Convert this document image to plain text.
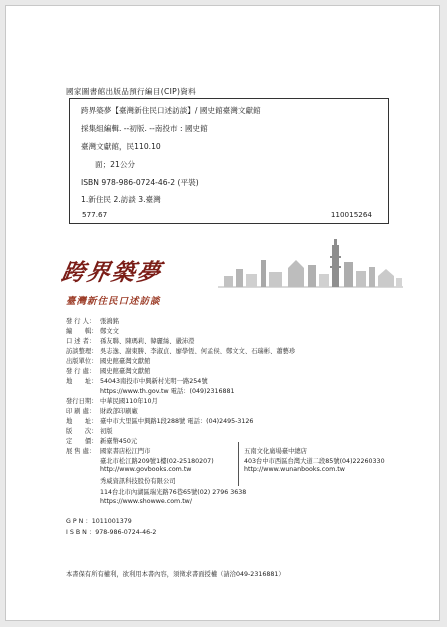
國家圖書館出版品預行編目(CIP)資料
跨界築夢【臺灣新住民口述訪談】/ 國史館臺灣文獻館
採集組編輯. --初版. --南投市 : 國史館
臺灣文獻館，民110.10
面；21公分
ISBN 978-986-0724-46-2 (平裝)
1.新住民 2.訪談 3.臺灣
577.67	110015264
跨界築夢
臺灣新住民口述訪談
發 行 人： 張鴻銘
編　　輯： 鄭文文
口 述 者： 孫友聯、陳瑪莉、韓麗絲、嚴沛瀅
訪談整理： 吳志逸、謝東勝、李淑貞、廖學恆、何孟侯、鄭文文、石瑞彬、蕭藝珍
出版單位： 國史館臺灣文獻館
發 行 處： 國史館臺灣文獻館
地　　址： 54043南投市中興新村光明一路254號
https://www.th.gov.tw 電話：(049)2316881
發行日期： 中華民國110年10月
印 刷 處： 財政部印刷廠
地　　址： 臺中市大里區中興路1段288號 電話：(04)2495-3126
版　　次： 初版
定　　價： 新臺幣450元
展 售 處： 國家書店松江門市
臺北市松江路209號1樓(02-25180207)
http://www.govbooks.com.tw
秀威資訊科技股份有限公司
114台北市內湖區瑞光路76巷65號(02) 2796 3638
https://www.showwe.com.tw/
五南文化廣場臺中總店
403台中市西區台灣大道二段85號(04)22260330
http://www.wunanbooks.com.tw
G P N ：1011001379
I S B N ：978-986-0724-46-2
本書保有所有權利，欲利用本書內容，須徵求書面授權（請洽049-2316881）
